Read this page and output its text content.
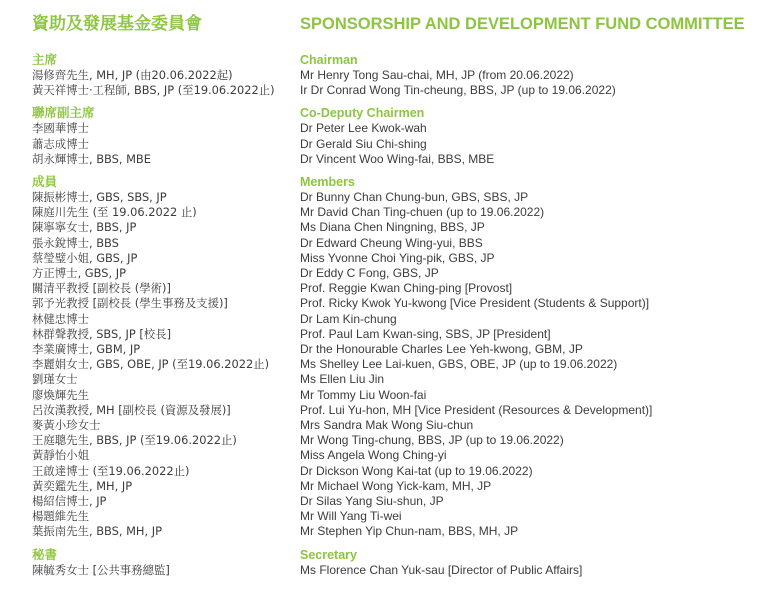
資助及發展基金委員會
主席
湯修齊先生, MH, JP (由20.06.2022起)
黃天祥博士‧工程師, BBS, JP (至19.06.2022止)
聯席副主席
李國華博士
蕭志成博士
胡永輝博士, BBS, MBE
成員
陳振彬博士, GBS, SBS, JP
陳庭川先生 (至 19.06.2022 止)
陳寧寧女士, BBS, JP
張永銳博士, BBS
蔡瑩璧小姐, GBS, JP
方正博士, GBS, JP
關清平教授 [副校長 (學術)]
郭予光教授 [副校長 (學生事務及支援)]
林健忠博士
林群聲教授, SBS, JP [校長]
李業廣博士, GBM, JP
李麗娟女士, GBS, OBE, JP (至19.06.2022止)
劉瑾女士
廖煥輝先生
呂汝漢教授, MH [副校長 (資源及發展)]
麥黃小珍女士
王庭聰先生, BBS, JP (至19.06.2022止)
黃靜怡小姐
王啟達博士 (至19.06.2022止)
黃奕鑑先生, MH, JP
楊紹信博士, JP
楊題維先生
葉振南先生, BBS, MH, JP
秘書
陳毓秀女士 [公共事務總監]
SPONSORSHIP AND DEVELOPMENT FUND COMMITTEE
Chairman
Mr Henry Tong Sau-chai, MH, JP (from 20.06.2022)
Ir Dr Conrad Wong Tin-cheung, BBS, JP (up to 19.06.2022)
Co-Deputy Chairmen
Dr Peter Lee Kwok-wah
Dr Gerald Siu Chi-shing
Dr Vincent Woo Wing-fai, BBS, MBE
Members
Dr Bunny Chan Chung-bun, GBS, SBS, JP
Mr David Chan Ting-chuen (up to 19.06.2022)
Ms Diana Chen Ningning, BBS, JP
Dr Edward Cheung Wing-yui, BBS
Miss Yvonne Choi Ying-pik, GBS, JP
Dr Eddy C Fong, GBS, JP
Prof. Reggie Kwan Ching-ping [Provost]
Prof. Ricky Kwok Yu-kwong [Vice President (Students & Support)]
Dr Lam Kin-chung
Prof. Paul Lam Kwan-sing, SBS, JP [President]
Dr the Honourable Charles Lee Yeh-kwong, GBM, JP
Ms Shelley Lee Lai-kuen, GBS, OBE, JP (up to 19.06.2022)
Ms Ellen Liu Jin
Mr Tommy Liu Woon-fai
Prof. Lui Yu-hon, MH [Vice President (Resources & Development)]
Mrs Sandra Mak Wong Siu-chun
Mr Wong Ting-chung, BBS, JP (up to 19.06.2022)
Miss Angela Wong Ching-yi
Dr Dickson Wong Kai-tat (up to 19.06.2022)
Mr Michael Wong Yick-kam, MH, JP
Dr Silas Yang Siu-shun, JP
Mr Will Yang Ti-wei
Mr Stephen Yip Chun-nam, BBS, MH, JP
Secretary
Ms Florence Chan Yuk-sau [Director of Public Affairs]
